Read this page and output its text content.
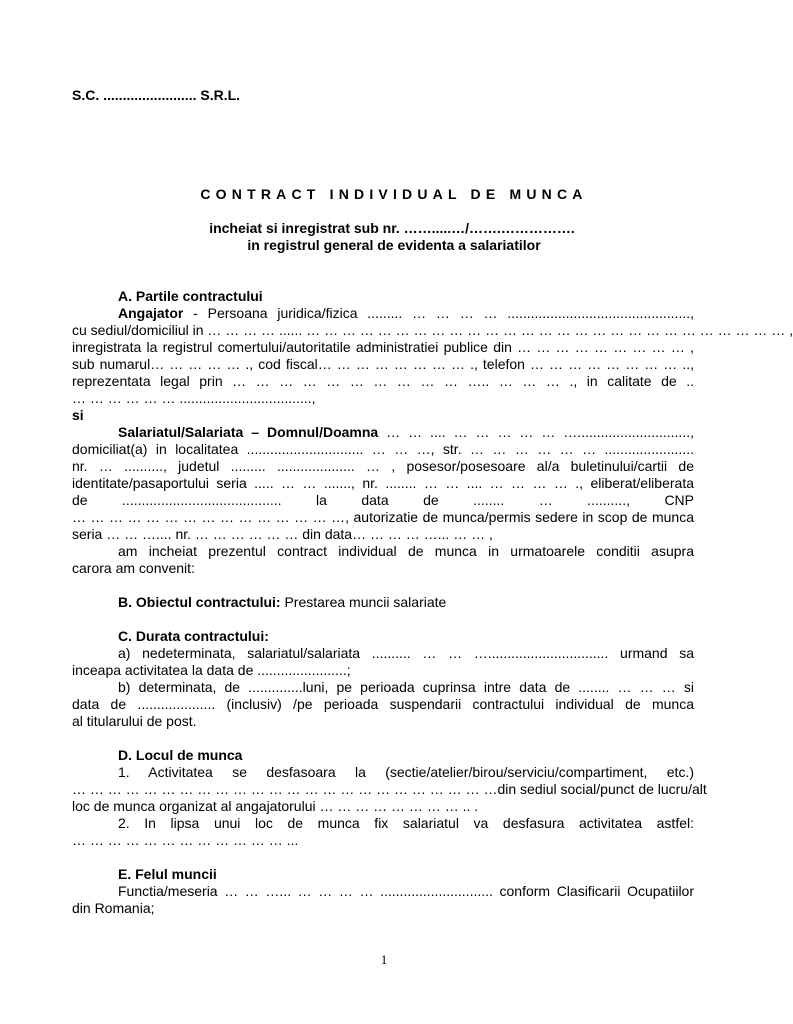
S.C. ........................ S.R.L.
CONTRACT INDIVIDUAL DE MUNCA
incheiat si inregistrat sub nr. …….....…/…….…………….
in registrul general de evidenta a salariatilor
A. Partile contractului
Angajator - Persoana juridica/fizica ......... … … … … ...............................................,
cu sediul/domiciliul in … … … … ...... … … … … … … … … … … … … … … … … … … … … … … … … … … … ,
inregistrata la registrul comertului/autoritatile administratiei publice din … … … … … … … … … ,
sub numarul… … … … … ., cod fiscal… … … … … … … … ., telefon … … … … … … … … ..,
reprezentata legal prin … … … … … … … … … … ….. … … … ., in calitate de ..
… … … … … … ..................................,
si
Salariatul/Salariata – Domnul/Doamna … … .... … … … … … ….............................,
domiciliat(a) in localitatea .............................. … … …, str. … … … … … … .......................
nr. … .........., judetul ......... .................... … , posesor/posesoare al/a buletinului/cartii de
identitate/pasaportului seria ..... … … ......., nr. ........ … … .... … … … … ., eliberat/eliberata
de ......................................... la data de ........ … .........., CNP
… … … … … … … … … … … … … … …, autorizatie de munca/permis sedere in scop de munca
seria … … ….... nr. … … … … … … din data… … … … …... … … ,
am incheiat prezentul contract individual de munca in urmatoarele conditii asupra
carora am convenit:
B. Obiectul contractului: Prestarea muncii salariate
C. Durata contractului:
a) nedeterminata, salariatul/salariata .......... … … …............................... urmand sa
inceapa activitatea la data de .......................;
b) determinata, de ..............luni, pe perioada cuprinsa intre data de ........ … … … si
data de .................... (inclusiv) /pe perioada suspendarii contractului individual de munca
al titularului de post.
D. Locul de munca
1. Activitatea se desfasoara la (sectie/atelier/birou/serviciu/compartiment, etc.)
… … … … … … … … … … … … … … … … … … … … … … … …din sediul social/punct de lucru/alt
loc de munca organizat al angajatorului … … … … … … … … .. .
2. In lipsa unui loc de munca fix salariatul va desfasura activitatea astfel:
… … … … … … … … … … … … ...
E. Felul muncii
Functia/meseria … … …... … … … … ............................. conform Clasificarii Ocupatiilor
din Romania;
1
